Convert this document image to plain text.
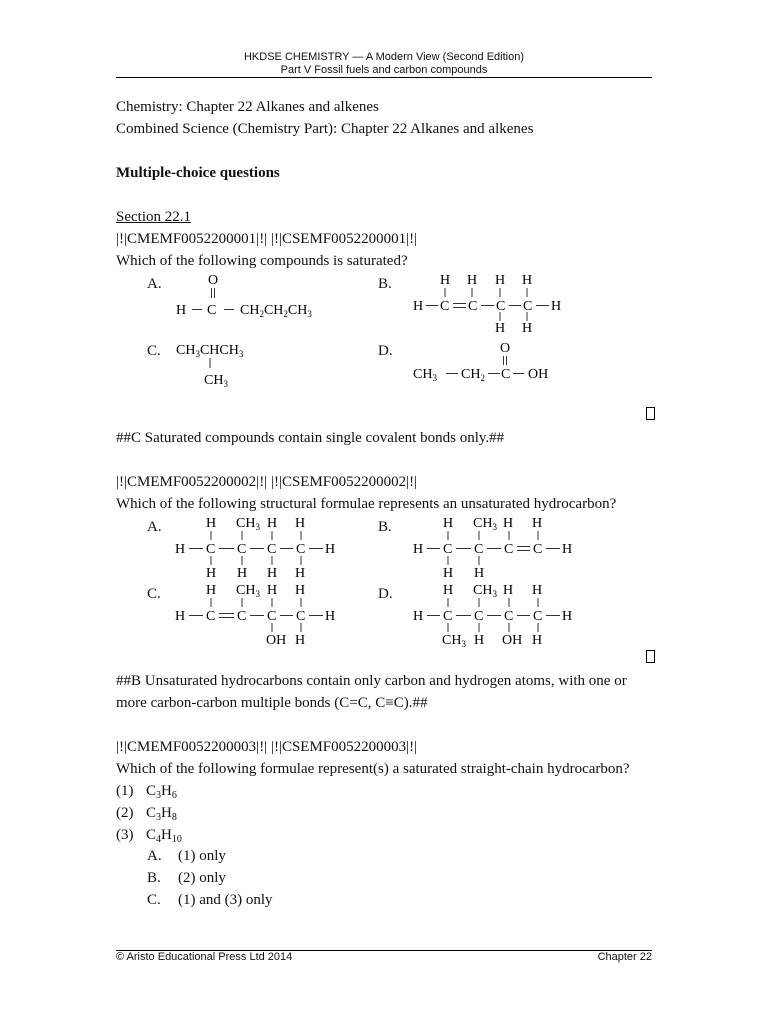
HKDSE CHEMISTRY — A Modern View (Second Edition)
Part V Fossil fuels and carbon compounds
Chemistry: Chapter 22 Alkanes and alkenes
Combined Science (Chemistry Part): Chapter 22 Alkanes and alkenes
Multiple-choice questions
Section 22.1
|!|CMEMF0052200001|!| |!|CSEMF0052200001|!|
Which of the following compounds is saturated?
A.	O
H C $CH_2CH_2CH_3$
B.	H H H H
H C C C C H
H H
C. $CH_3CHCH_3$
$CH_3$
D.	O
$CH_3$ $CH_2$ C OH
##C Saturated compounds contain single covalent bonds only.##
|!|CMEMF0052200002|!| |!|CSEMF0052200002|!|
Which of the following structural formulae represents an unsaturated hydrocarbon?
A.	H $CH_3$ H H
H C C C C H
H H H H
B.	H $CH_3$ H H
H C C C C H
H H
C.	H $CH_3$ H H
H C C C C H
OH H
D.	H $CH_3$ H H
H C C C C H
$CH_3$ H OH H
##B Unsaturated hydrocarbons contain only carbon and hydrogen atoms, with one or
more carbon-carbon multiple bonds (C=C, C≡C).##
|!|CMEMF0052200003|!| |!|CSEMF0052200003|!|
Which of the following formulae represent(s) a saturated straight-chain hydrocarbon?
(1) $C_3H_6$
(2) $C_3H_8$
(3) $C_4H_{10}$
A. (1) only
B. (2) only
C. (1) and (3) only
© Aristo Educational Press Ltd 2014	Chapter 22
